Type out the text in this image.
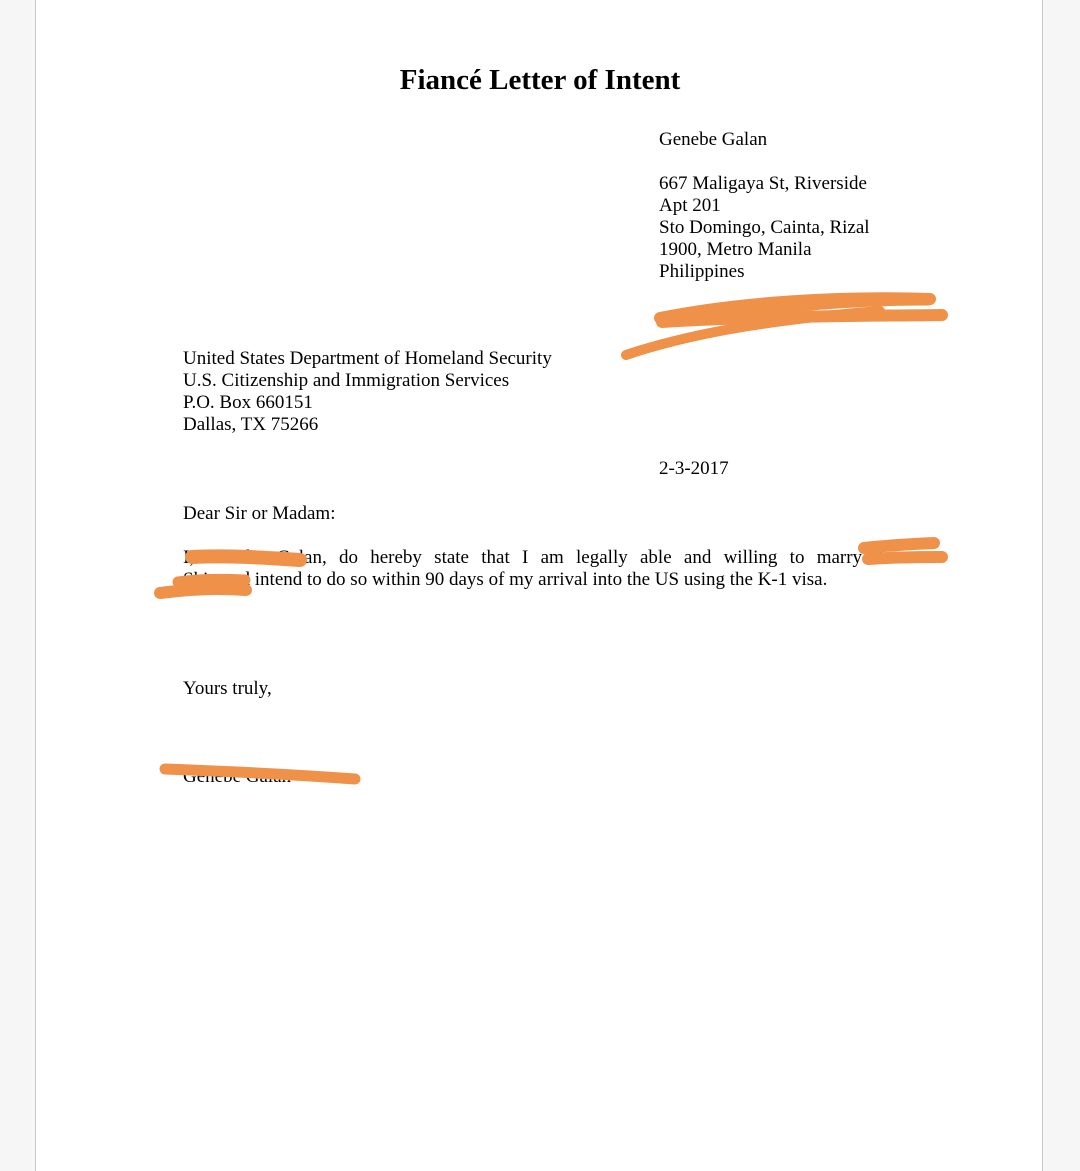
Fiancé Letter of Intent
Genebe Galan
667 Maligaya St, Riverside
Apt 201
Sto Domingo, Cainta, Rizal
1900, Metro Manila
Philippines
United States Department of Homeland Security
U.S. Citizenship and Immigration Services
P.O. Box 660151
Dallas, TX 75266
2-3-2017
Dear Sir or Madam:
I, Genebe Galan, do hereby state that I am legally able and willing to marry A
Shi , and intend to do so within 90 days of my arrival into the US using the K-1 visa.
Yours truly,
Genebe Galan
